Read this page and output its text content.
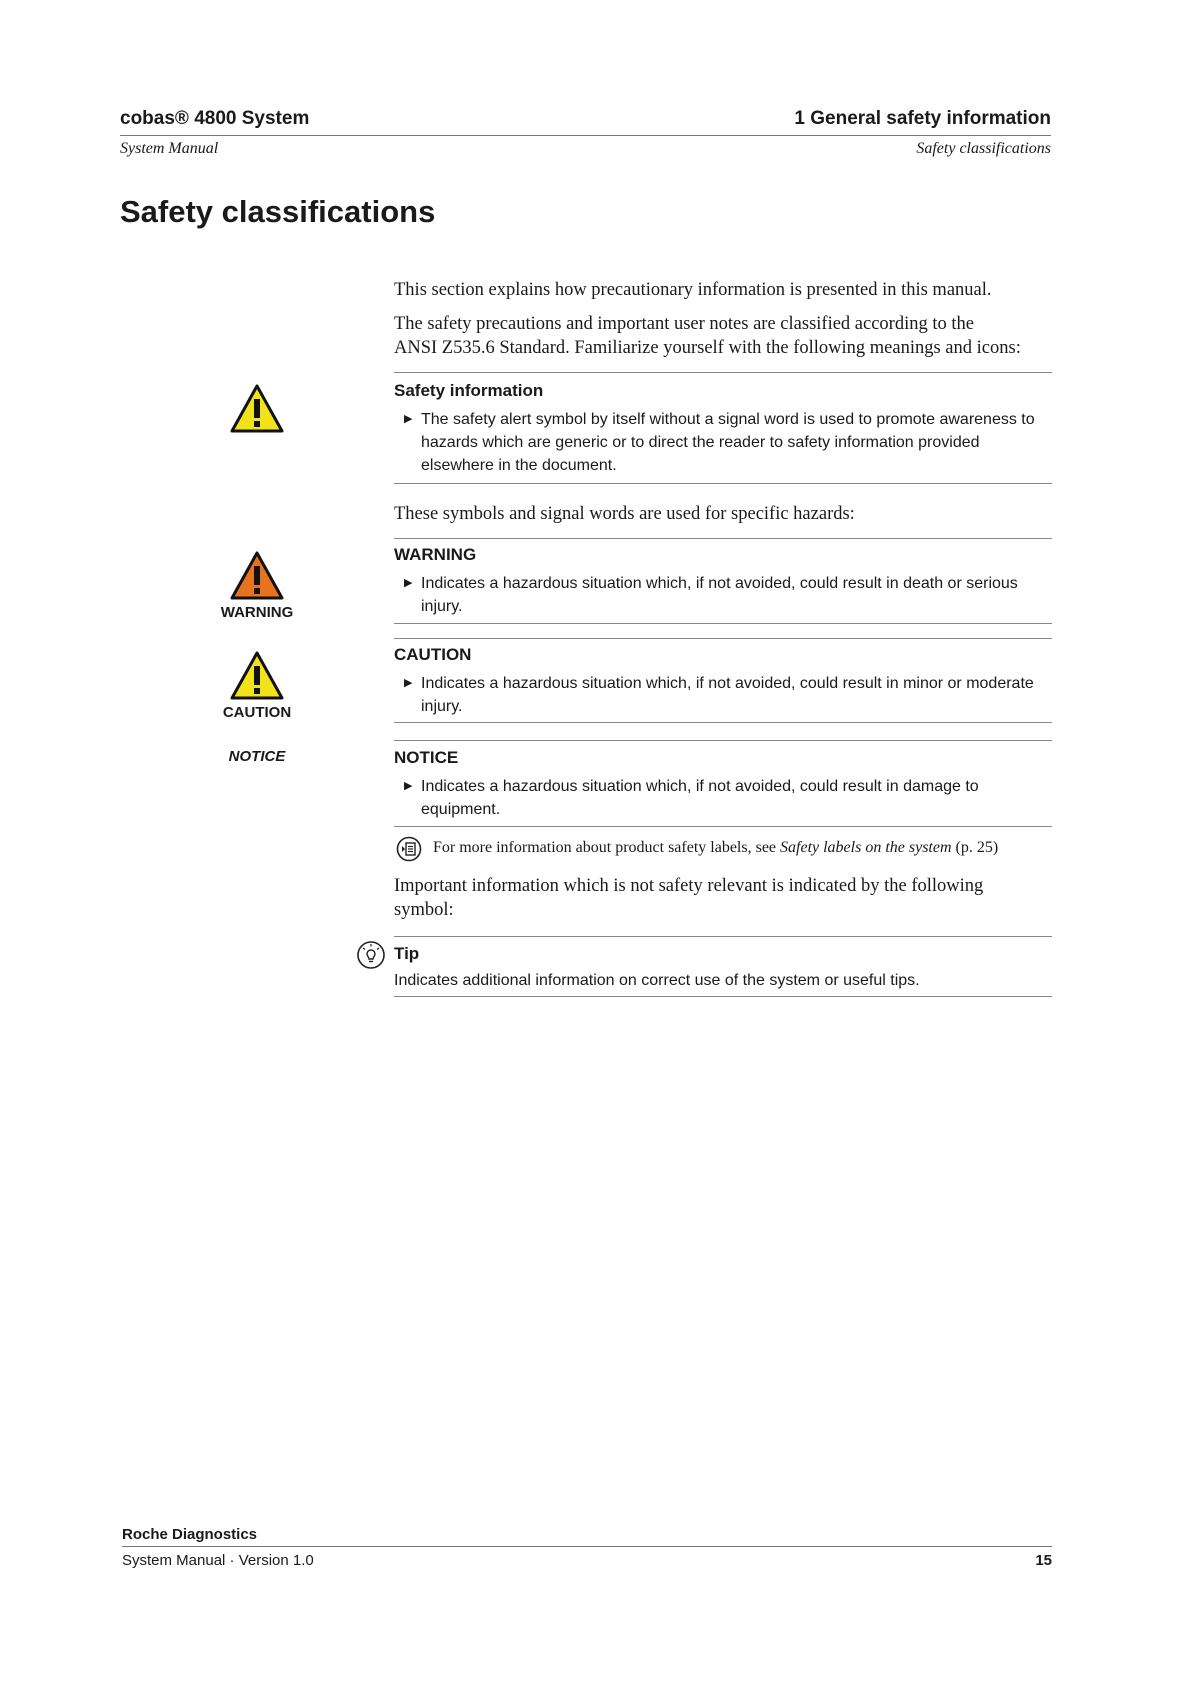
cobas® 4800 System	1 General safety information
System Manual	Safety classifications
Safety classifications
This section explains how precautionary information is presented in this manual.
The safety precautions and important user notes are classified according to the
ANSI Z535.6 Standard. Familiarize yourself with the following meanings and icons:
Safety information
▶ The safety alert symbol by itself without a signal word is used to promote awareness to
hazards which are generic or to direct the reader to safety information provided
elsewhere in the document.
These symbols and signal words are used for specific hazards:
WARNING
WARNING
▶ Indicates a hazardous situation which, if not avoided, could result in death or serious
injury.
CAUTION
CAUTION
▶ Indicates a hazardous situation which, if not avoided, could result in minor or moderate
injury.
NOTICE	NOTICE
▶ Indicates a hazardous situation which, if not avoided, could result in damage to
equipment.
For more information about product safety labels, see Safety labels on the system (p. 25)
Important information which is not safety relevant is indicated by the following
symbol:
Tip
Indicates additional information on correct use of the system or useful tips.
Roche Diagnostics
System Manual · Version 1.0	15
